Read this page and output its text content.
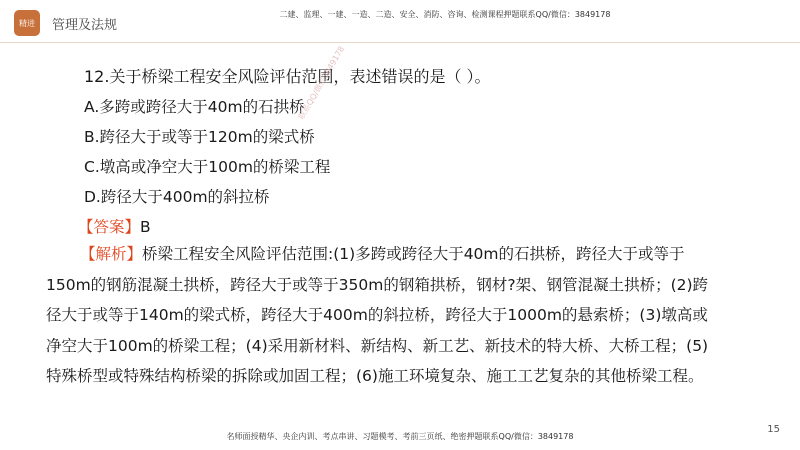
精进	管理及法规
二建、监理、一建、一造、二造、安全、消防、咨询、检测课程押题联系QQ/微信：3849178
12.关于桥梁工程安全风险评估范围，表述错误的是（ ）。
A.多跨或跨径大于40m的石拱桥
B.跨径大于或等于120m的梁式桥
C.墩高或净空大于100m的桥梁工程
D.跨径大于400m的斜拉桥
【答案】B
【解析】桥梁工程安全风险评估范围:(1)多跨或跨径大于40m的石拱桥，跨径大于或等于
150m的钢筋混凝土拱桥，跨径大于或等于350m的钢箱拱桥，钢材?架、钢管混凝土拱桥；(2)跨
径大于或等于140m的梁式桥，跨径大于400m的斜拉桥，跨径大于1000m的悬索桥；(3)墩高或
净空大于100m的桥梁工程；(4)采用新材料、新结构、新工艺、新技术的特大桥、大桥工程；(5)
特殊桥型或特殊结构桥梁的拆除或加固工程；(6)施工环境复杂、施工工艺复杂的其他桥梁工程。
联系QQ/微信3849178
15
名师面授精华、央企内训、考点串讲、习题模考、考前三页纸、绝密押题联系QQ/微信：3849178
